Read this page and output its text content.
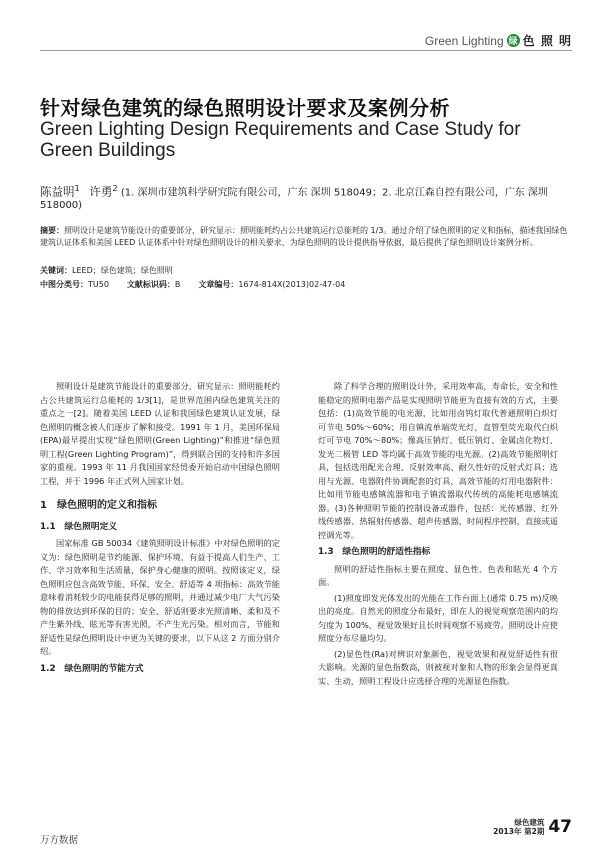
Green Lighting 绿 色 照 明
针对绿色建筑的绿色照明设计要求及案例分析
Green Lighting Design Requirements and Case Study for Green Buildings
陈益明$^1$ 许勇$^2$ (1. 深圳市建筑科学研究院有限公司，广东 深圳 518049；2. 北京江森自控有限公司，广东 深圳 518000)
摘要：照明设计是建筑节能设计的重要部分，研究显示：照明能耗约占公共建筑运行总能耗的 1/3。通过介绍了绿色照明的定义和指标，描述我国绿色建筑认证体系和美国 LEED 认证体系中针对绿色照明设计的相关要求，为绿色照明的设计提供指导依据，最后提供了绿色照明设计案例分析。
关键词：LEED；绿色建筑；绿色照明
中图分类号：TU50 文献标识码：B 文章编号：1674-814X(2013)02-47-04

照明设计是建筑节能设计的重要部分，研究显示：照明能耗约占公共建筑运行总能耗的 1/3[1]，是世界范围内绿色建筑关注的重点之一[2]。随着美国 LEED 认证和我国绿色建筑认证发展，绿色照明的概念被人们逐步了解和接受。1991 年 1 月，美国环保局(EPA)最早提出实现“绿色照明(Green Lighting)”和推进“绿色照明工程(Green Lighting Program)”，得到联合国的支持和许多国家的重视。1993 年 11 月我国国家经贸委开始启动中国绿色照明工程，并于 1996 年正式列入国家计划。

1　绿色照明的定义和指标
1.1　绿色照明定义

国家标准 GB 50034《建筑照明设计标准》中对绿色照明的定义为：绿色照明是节约能源、保护环境，有益于提高人们生产、工作、学习效率和生活质量，保护身心健康的照明。按照该定义，绿色照明应包含高效节能、环保、安全、舒适等 4 项指标：高效节能意味着消耗较少的电能获得足够的照明，并通过减少电厂大气污染物的排放达到环保的目的；安全、舒适则要求光照清晰、柔和及不产生紫外线、眩光等有害光照，不产生光污染。相对而言，节能和舒适性是绿色照明设计中更为关键的要求，以下从这 2 方面分别介绍。

1.2　绿色照明的节能方式

除了科学合理的照明设计外，采用效率高，寿命长，安全和性能稳定的照明电器产品是实现照明节能更为直接有效的方式，主要包括：(1)高效节能的电光源，比如用卤钨灯取代普通照明白炽灯可节电 50%～60%；用自镇流单端荧光灯，直管型荧光取代白炽灯可节电 70%～80%；像高压钠灯、低压钠灯、金属卤化物灯、发光二极管 LED 等均属于高效节能的电光源。(2)高效节能照明灯具，包括选用配光合理、反射效率高、耐久性好的反射式灯具；选用与光源、电器附件协调配套的灯具，高效节能的灯用电器附件：比如用节能电感镇流器和电子镇流器取代传统的高能耗电感镇流器。(3)各种照明节能的控制设备或器件，包括：光传感器、红外线传感器、热辐射传感器、超声传感器，时间程序控制，直接或遥控调光等。

1.3　绿色照明的舒适性指标

照明的舒适性指标主要在照度、显色性、色表和眩光 4 个方面。

(1)照度即发光体发出的光能在工作台面上(通常 0.75 m)反映出的亮度。自然光的照度分布最好，即在人的视觉观察范围内的均匀度为 100%，视觉效果好且长时间观察不易疲劳。照明设计应使照度分布尽量均匀。

(2)显色性(Ra)对辨识对象颜色，视觉效果和视觉舒适性有很大影响。光源的显色指数高，则被视对象和人物的形象会显得更真实、生动，照明工程设计应选择合理的光源显色指数。

绿色建筑
2013年 第2期 47
万方数据
